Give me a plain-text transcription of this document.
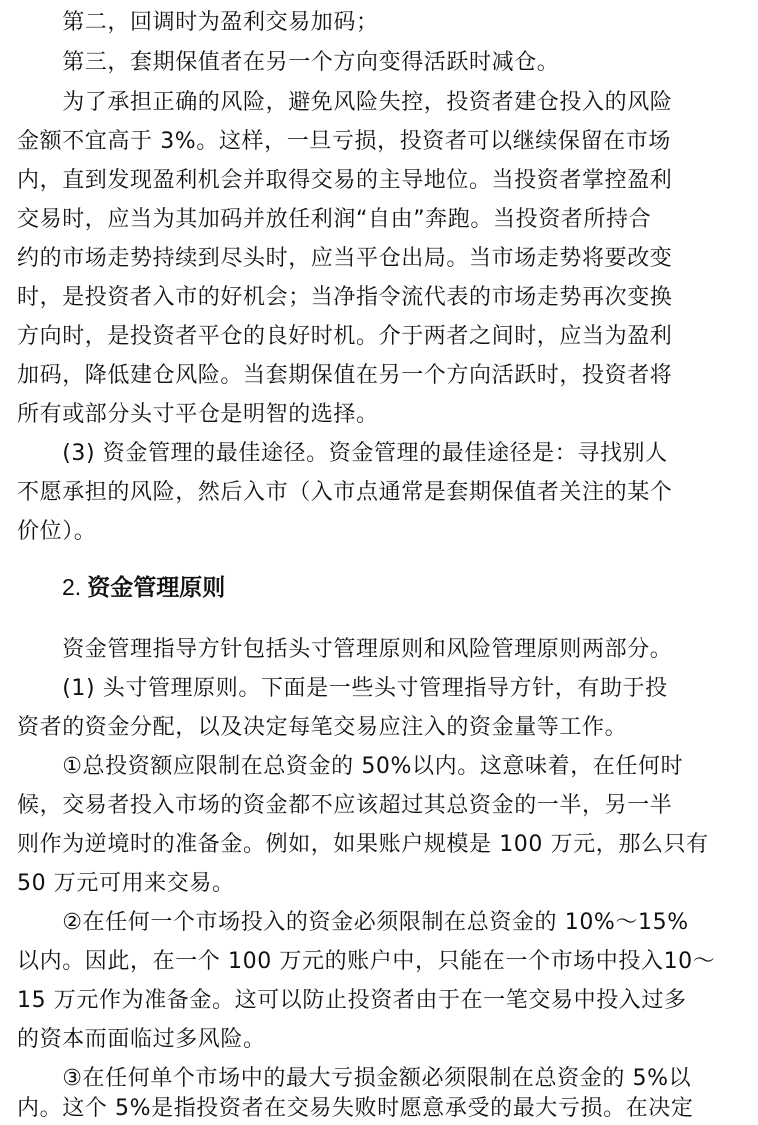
　　第二，回调时为盈利交易加码；
　　第三，套期保值者在另一个方向变得活跃时减仓。
　　为了承担正确的风险，避免风险失控，投资者建仓投入的风险
金额不宜高于 3%。这样，一旦亏损，投资者可以继续保留在市场
内，直到发现盈利机会并取得交易的主导地位。当投资者掌控盈利
交易时，应当为其加码并放任利润“自由”奔跑。当投资者所持合
约的市场走势持续到尽头时，应当平仓出局。当市场走势将要改变
时，是投资者入市的好机会；当净指令流代表的市场走势再次变换
方向时，是投资者平仓的良好时机。介于两者之间时，应当为盈利
加码，降低建仓风险。当套期保值在另一个方向活跃时，投资者将
所有或部分头寸平仓是明智的选择。
　　(3) 资金管理的最佳途径。资金管理的最佳途径是：寻找别人
不愿承担的风险，然后入市（入市点通常是套期保值者关注的某个
价位）。
2. 资金管理原则
　　资金管理指导方针包括头寸管理原则和风险管理原则两部分。
　　(1) 头寸管理原则。下面是一些头寸管理指导方针，有助于投
资者的资金分配，以及决定每笔交易应注入的资金量等工作。
　　①总投资额应限制在总资金的 50%以内。这意味着，在任何时
候，交易者投入市场的资金都不应该超过其总资金的一半，另一半
则作为逆境时的准备金。例如，如果账户规模是 100 万元，那么只有
50 万元可用来交易。
　　②在任何一个市场投入的资金必须限制在总资金的 10%～15%
以内。因此，在一个 100 万元的账户中，只能在一个市场中投入10～
15 万元作为准备金。这可以防止投资者由于在一笔交易中投入过多
的资本而面临过多风险。
　　③在任何单个市场中的最大亏损金额必须限制在总资金的 5%以
内。这个 5%是指投资者在交易失败时愿意承受的最大亏损。在决定
